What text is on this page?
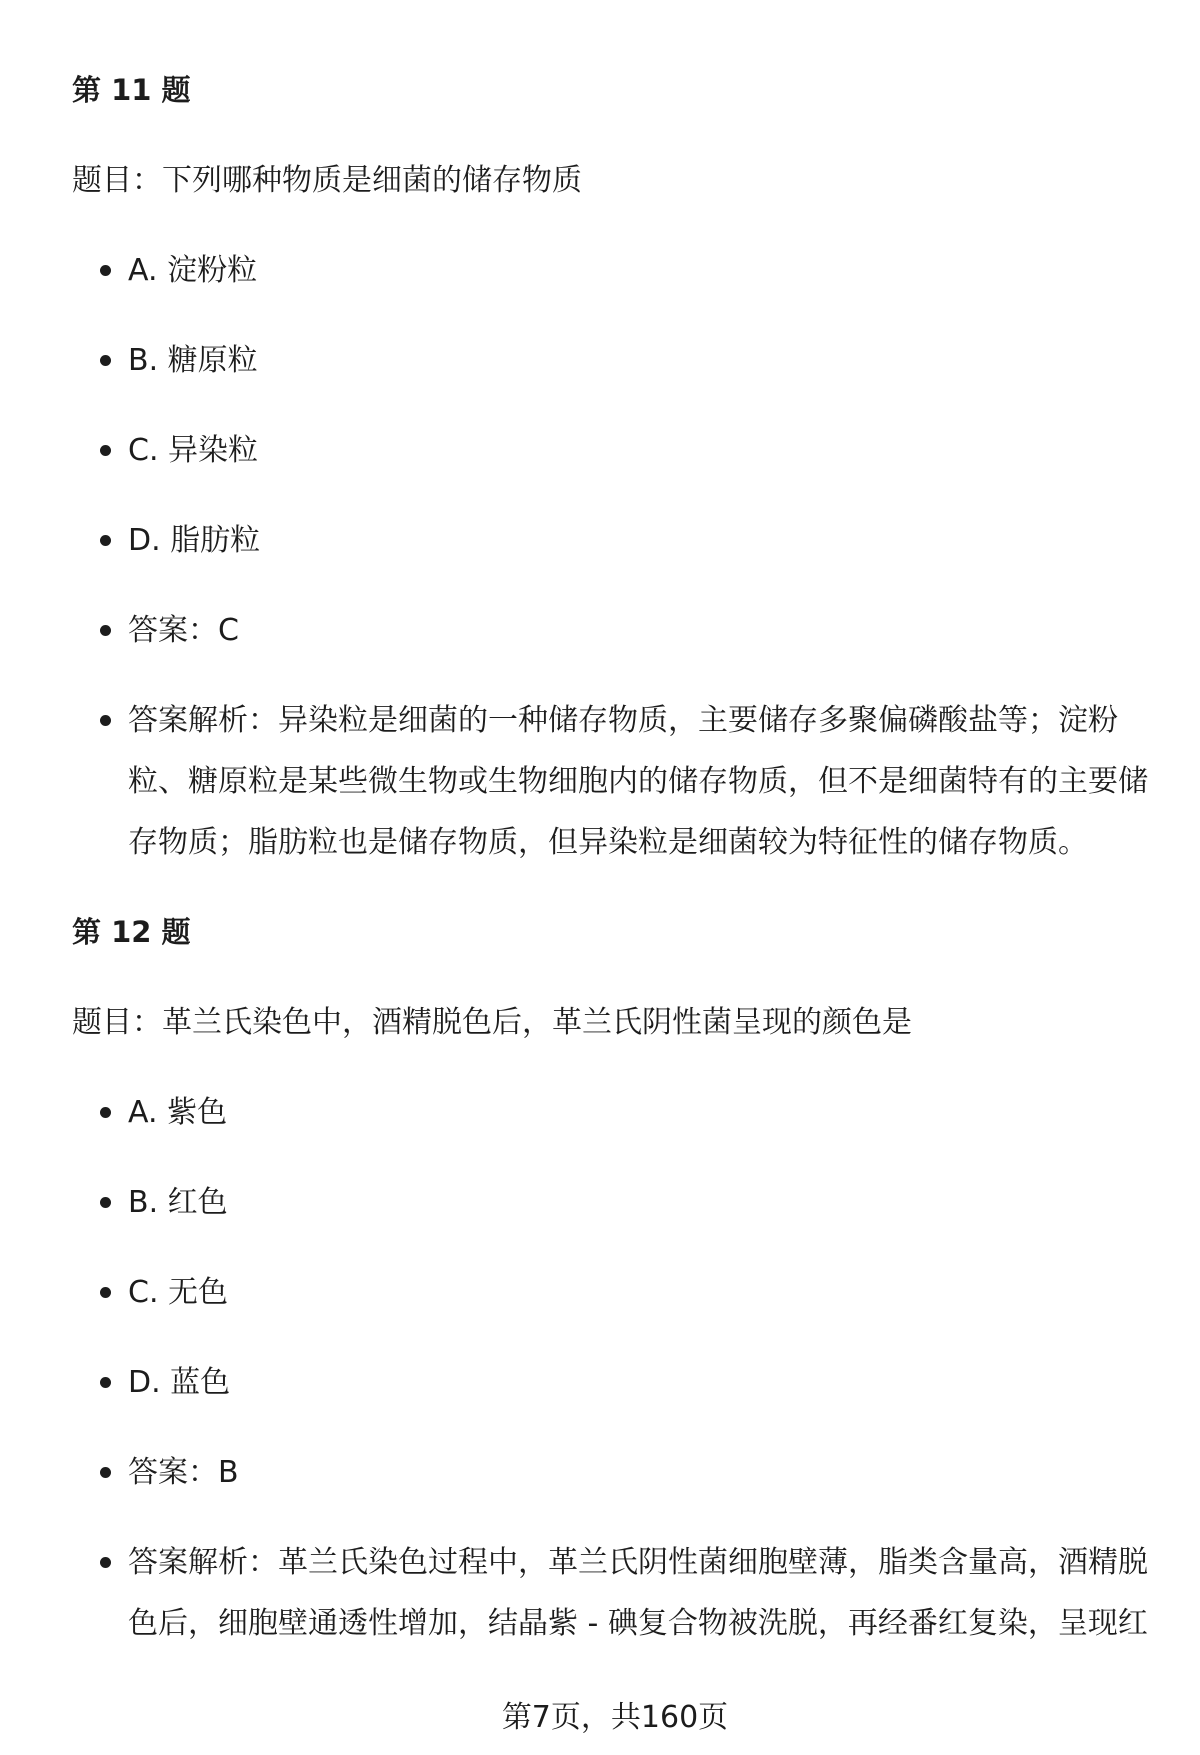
第 11 题
题目：下列哪种物质是细菌的储存物质
A. 淀粉粒
B. 糖原粒
C. 异染粒
D. 脂肪粒
答案：C
答案解析：异染粒是细菌的一种储存物质，主要储存多聚偏磷酸盐等；淀粉粒、糖原粒是某些微生物或生物细胞内的储存物质，但不是细菌特有的主要储存物质；脂肪粒也是储存物质，但异染粒是细菌较为特征性的储存物质。
第 12 题
题目：革兰氏染色中，酒精脱色后，革兰氏阴性菌呈现的颜色是
A. 紫色
B. 红色
C. 无色
D. 蓝色
答案：B
答案解析：革兰氏染色过程中，革兰氏阴性菌细胞壁薄，脂类含量高，酒精脱色后，细胞壁通透性增加，结晶紫 - 碘复合物被洗脱，再经番红复染，呈现红
第7页，共160页
